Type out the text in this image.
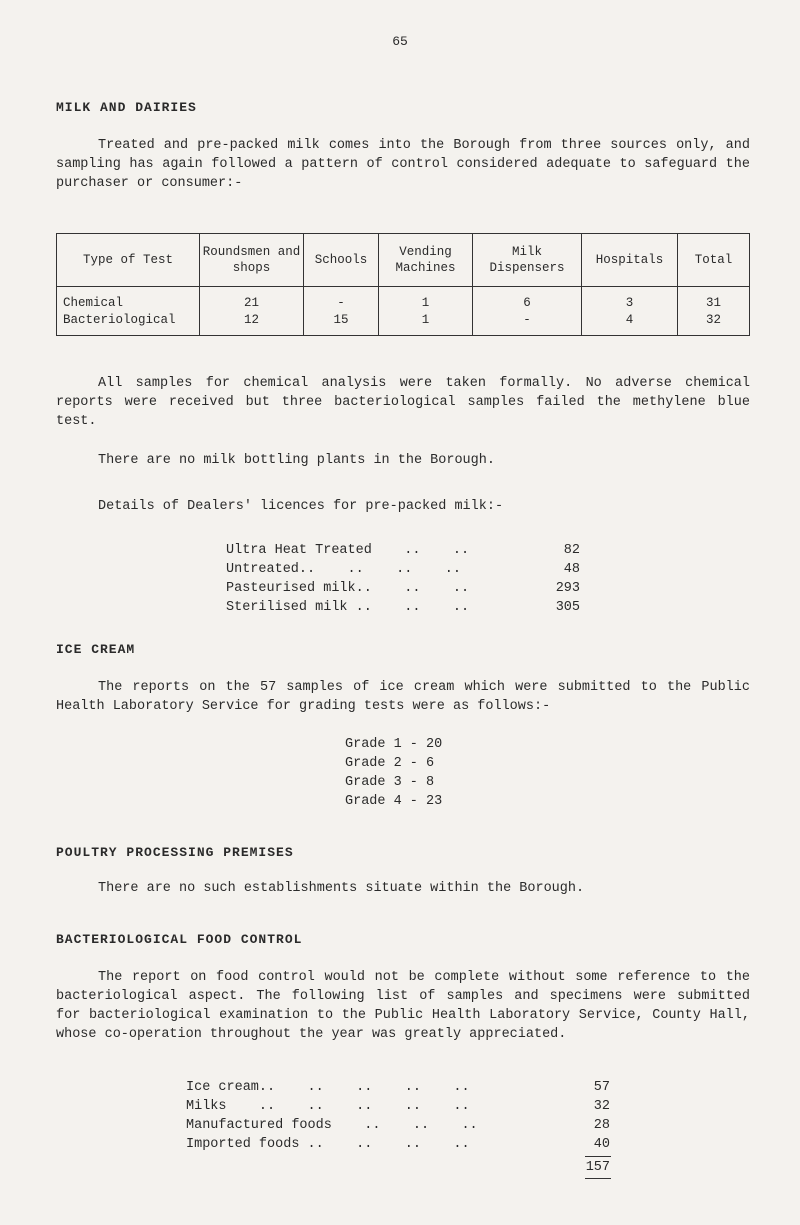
65
MILK AND DAIRIES
Treated and pre-packed milk comes into the Borough from three sources only, and sampling has again followed a pattern of control considered adequate to safeguard the purchaser or consumer:-
Type of Test	Roundsmen and shops	Schools	Vending Machines	Milk Dispensers	Hospitals	Total
Chemical	21	-	1	6	3	31
Bacteriological	12	15	1	-	4	32
All samples for chemical analysis were taken formally. No adverse chemical reports were received but three bacteriological samples failed the methylene blue test.
There are no milk bottling plants in the Borough.
Details of Dealers' licences for pre-packed milk:-
Ultra Heat Treated    ..    ..	82
Untreated..    ..    ..    ..	48
Pasteurised milk..    ..    ..	293
Sterilised milk ..    ..    ..	305
ICE CREAM
The reports on the 57 samples of ice cream which were submitted to the Public Health Laboratory Service for grading tests were as follows:-
Grade 1 - 20
Grade 2 - 6
Grade 3 - 8
Grade 4 - 23
POULTRY PROCESSING PREMISES
There are no such establishments situate within the Borough.
BACTERIOLOGICAL FOOD CONTROL
The report on food control would not be complete without some reference to the bacteriological aspect. The following list of samples and specimens were submitted for bacteriological examination to the Public Health Laboratory Service, County Hall, whose co-operation throughout the year was greatly appreciated.
Ice cream..    ..    ..    ..    ..	57
Milks    ..    ..    ..    ..    ..	32
Manufactured foods    ..    ..    ..	28
Imported foods ..    ..    ..    ..	40
157
